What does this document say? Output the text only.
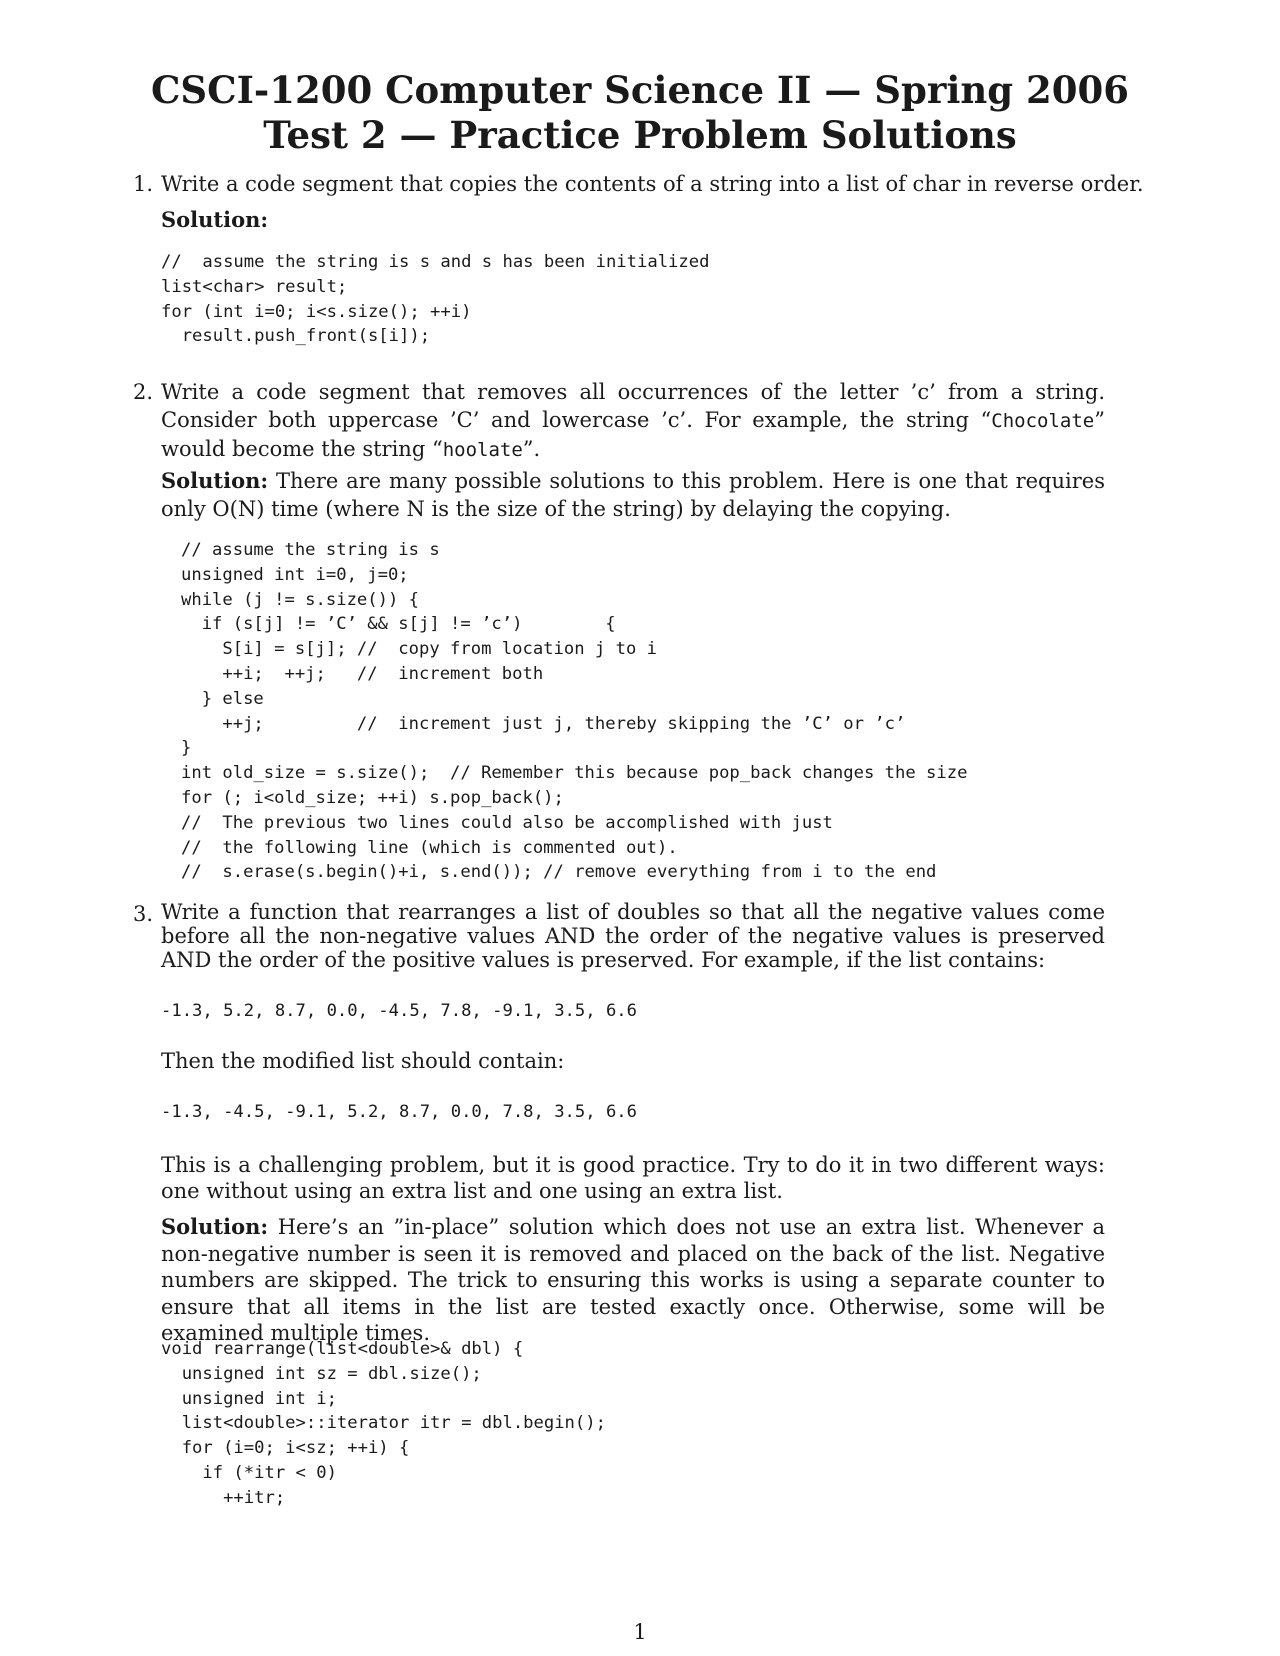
CSCI-1200 Computer Science II — Spring 2006
Test 2 — Practice Problem Solutions
1. Write a code segment that copies the contents of a string into a list of char in reverse order.
Solution:
//  assume the string is s and s has been initialized
list<char> result;
for (int i=0; i<s.size(); ++i)
result.push_front(s[i]);
2. Write a code segment that removes all occurrences of the letter ’c’ from a string. Consider both uppercase ’C’ and lowercase ’c’. For example, the string “Chocolate” would become the string “hoolate”.
Solution: There are many possible solutions to this problem. Here is one that requires only O(N) time (where N is the size of the string) by delaying the copying.
// assume the string is s
unsigned int i=0, j=0;
while (j != s.size()) {
if (s[j] != ’C’ && s[j] != ’c’)        {
S[i] = s[j]; //  copy from location j to i
++i;  ++j;   //  increment both
} else
++j;         //  increment just j, thereby skipping the ’C’ or ’c’
}
int old_size = s.size();  // Remember this because pop_back changes the size
for (; i<old_size; ++i) s.pop_back();
//  The previous two lines could also be accomplished with just
//  the following line (which is commented out).
//  s.erase(s.begin()+i, s.end()); // remove everything from i to the end
3. Write a function that rearranges a list of doubles so that all the negative values come before all the non-negative values AND the order of the negative values is preserved AND the order of the positive values is preserved. For example, if the list contains:
-1.3, 5.2, 8.7, 0.0, -4.5, 7.8, -9.1, 3.5, 6.6
Then the modified list should contain:
-1.3, -4.5, -9.1, 5.2, 8.7, 0.0, 7.8, 3.5, 6.6
This is a challenging problem, but it is good practice. Try to do it in two different ways: one without using an extra list and one using an extra list.
Solution: Here’s an ”in-place” solution which does not use an extra list. Whenever a non-negative number is seen it is removed and placed on the back of the list. Negative numbers are skipped. The trick to ensuring this works is using a separate counter to ensure that all items in the list are tested exactly once. Otherwise, some will be examined multiple times.
void rearrange(list<double>& dbl) {
unsigned int sz = dbl.size();
unsigned int i;
list<double>::iterator itr = dbl.begin();
for (i=0; i<sz; ++i) {
if (*itr < 0)
++itr;
1
